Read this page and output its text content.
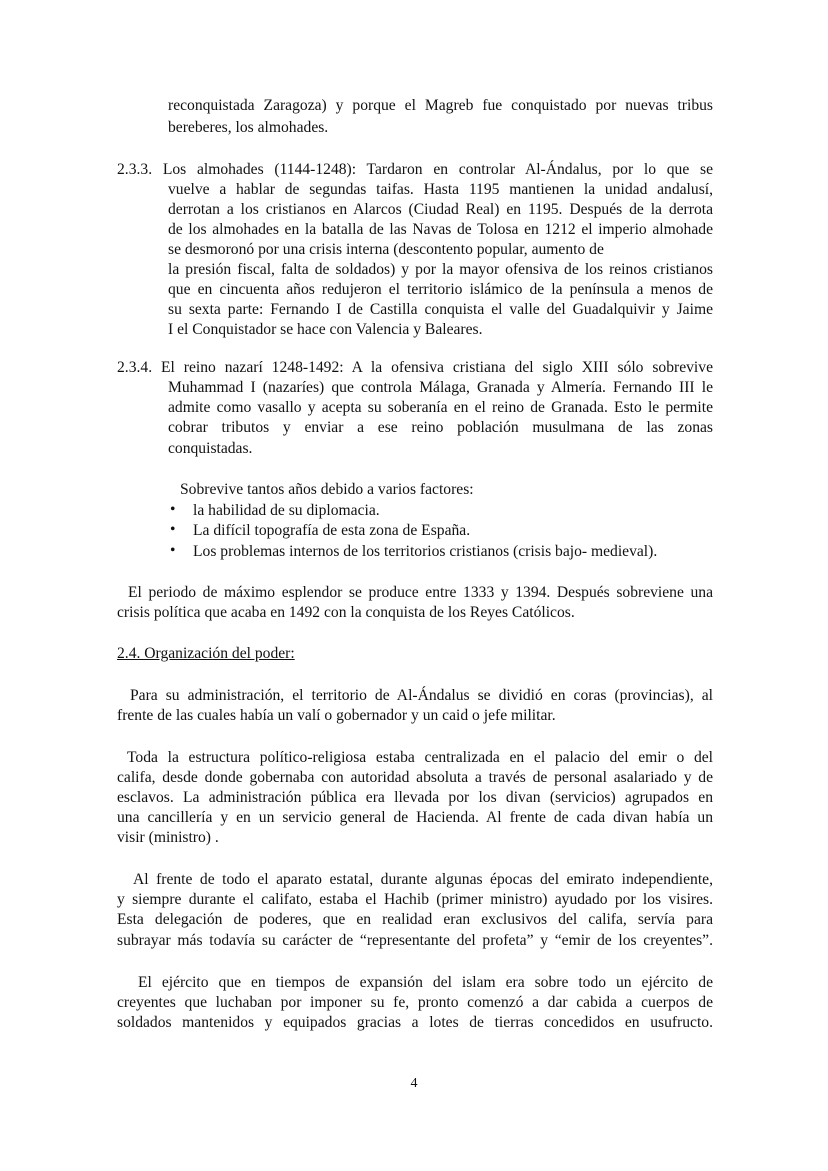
reconquistada Zaragoza) y porque el Magreb fue conquistado por nuevas tribus
bereberes, los almohades.
2.3.3. Los almohades (1144-1248): Tardaron en controlar Al-Ándalus, por lo que se
vuelve a hablar de segundas taifas. Hasta 1195 mantienen la unidad andalusí,
derrotan a los cristianos en Alarcos (Ciudad Real) en 1195. Después de la derrota
de los almohades en la batalla de las Navas de Tolosa en 1212 el imperio almohade
se desmoronó por una crisis interna (descontento popular, aumento de
la presión fiscal, falta de soldados) y por la mayor ofensiva de los reinos cristianos
que en cincuenta años redujeron el territorio islámico de la península a menos de
su sexta parte: Fernando I de Castilla conquista el valle del Guadalquivir y Jaime
I el Conquistador se hace con Valencia y Baleares.
2.3.4. El reino nazarí 1248-1492: A la ofensiva cristiana del siglo XIII sólo sobrevive
Muhammad I (nazaríes) que controla Málaga, Granada y Almería. Fernando III le
admite como vasallo y acepta su soberanía en el reino de Granada. Esto le permite
cobrar tributos y enviar a ese reino población musulmana de las zonas
conquistadas.
Sobrevive tantos años debido a varios factores:
• la habilidad de su diplomacia.
• La difícil topografía de esta zona de España.
• Los problemas internos de los territorios cristianos (crisis bajo- medieval).
El periodo de máximo esplendor se produce entre 1333 y 1394. Después sobreviene una
crisis política que acaba en 1492 con la conquista de los Reyes Católicos.
2.4. Organización del poder:
Para su administración, el territorio de Al-Ándalus se dividió en coras (provincias), al
frente de las cuales había un valí o gobernador y un caid o jefe militar.
Toda la estructura político-religiosa estaba centralizada en el palacio del emir o del
califa, desde donde gobernaba con autoridad absoluta a través de personal asalariado y de
esclavos. La administración pública era llevada por los divan (servicios) agrupados en
una cancillería y en un servicio general de Hacienda. Al frente de cada divan había un
visir (ministro) .
Al frente de todo el aparato estatal, durante algunas épocas del emirato independiente,
y siempre durante el califato, estaba el Hachib (primer ministro) ayudado por los visires.
Esta delegación de poderes, que en realidad eran exclusivos del califa, servía para
subrayar más todavía su carácter de “representante del profeta” y “emir de los creyentes”.
El ejército que en tiempos de expansión del islam era sobre todo un ejército de
creyentes que luchaban por imponer su fe, pronto comenzó a dar cabida a cuerpos de
soldados mantenidos y equipados gracias a lotes de tierras concedidos en usufructo.
4
